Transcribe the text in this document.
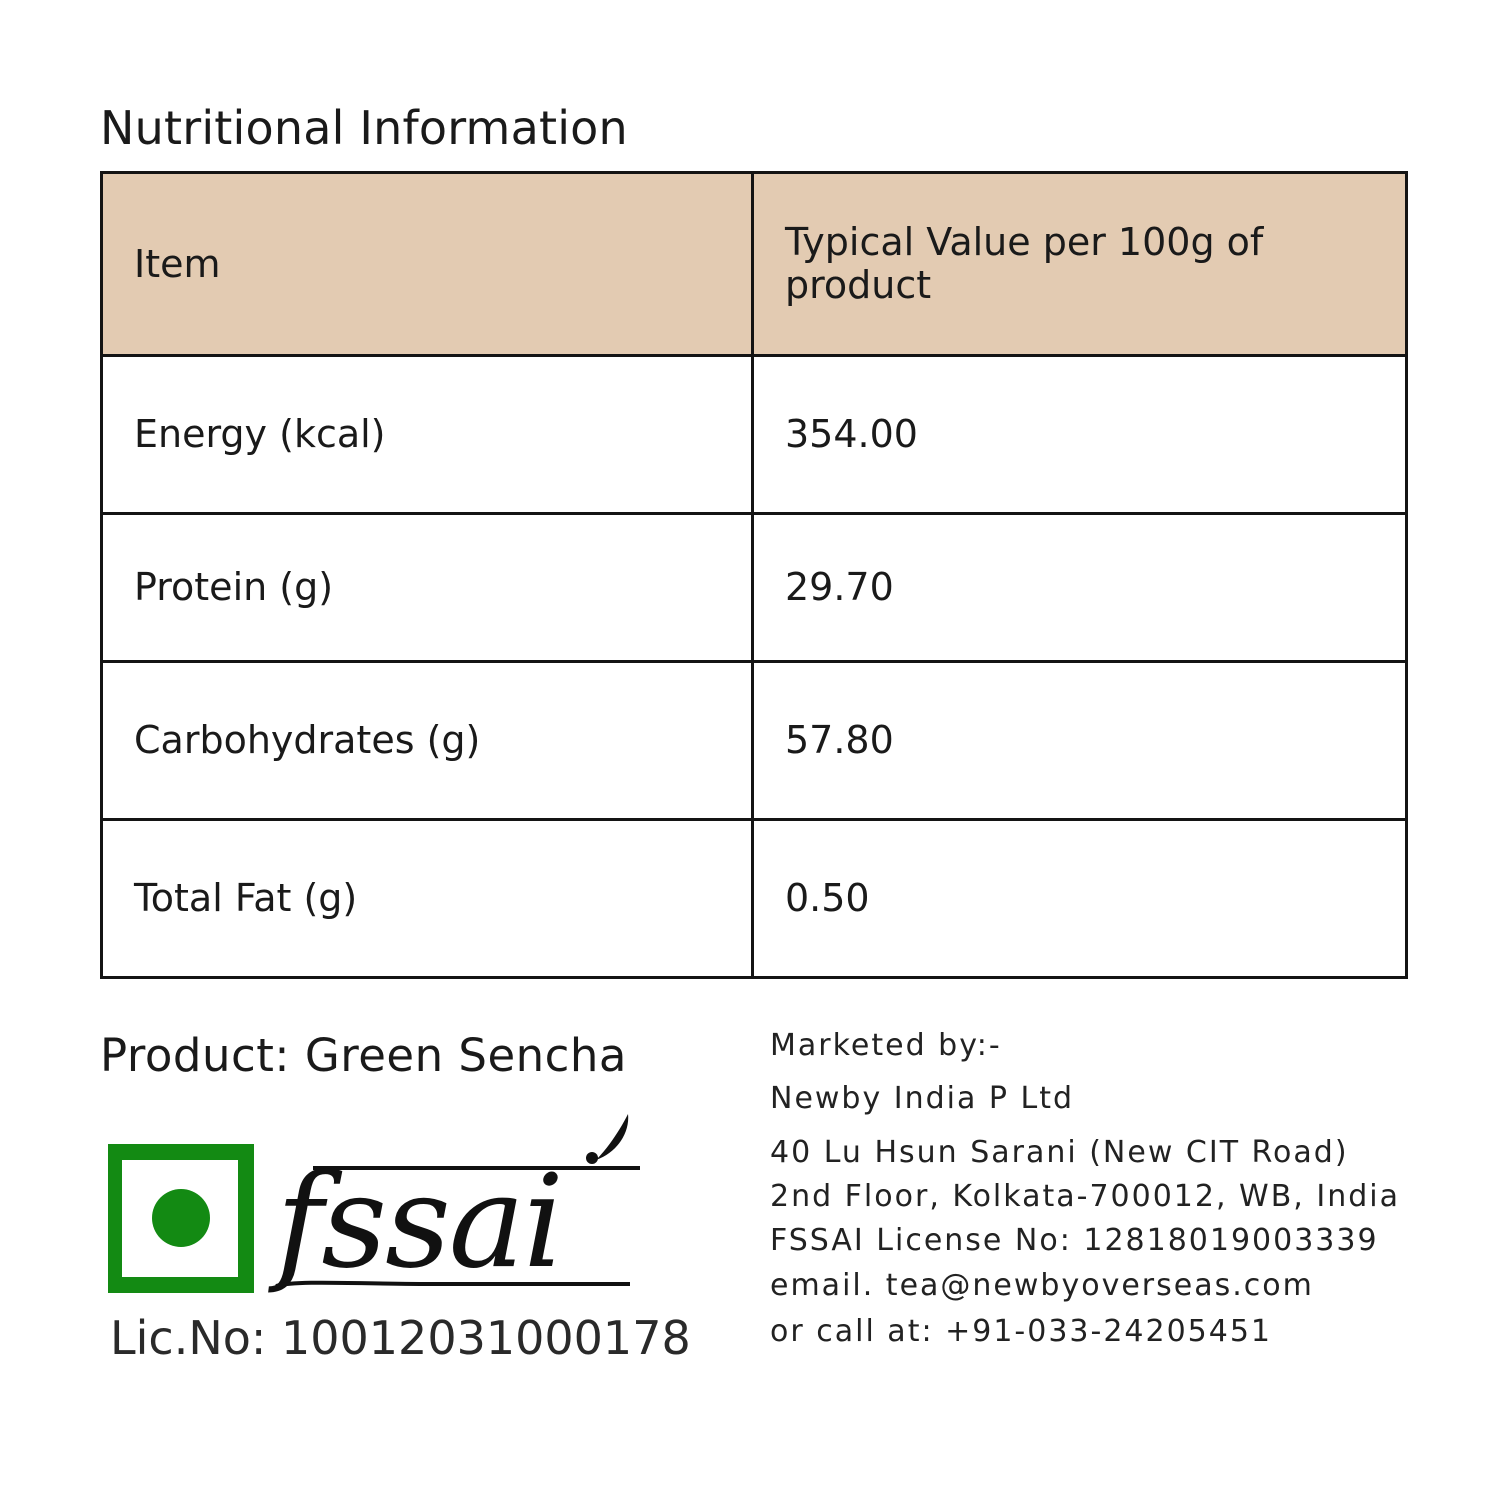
Nutritional Information
Item	Typical Value per 100g of product
Energy (kcal)	354.00
Protein (g)	29.70
Carbohydrates (g)	57.80
Total Fat (g)	0.50

Product: Green Sencha

fssai

Lic.No: 10012031000178

Marketed by:-
Newby India P Ltd
40 Lu Hsun Sarani (New CIT Road)
2nd Floor, Kolkata-700012, WB, India
FSSAI License No: 12818019003339
email. tea@newbyoverseas.com
or call at: +91-033-24205451
